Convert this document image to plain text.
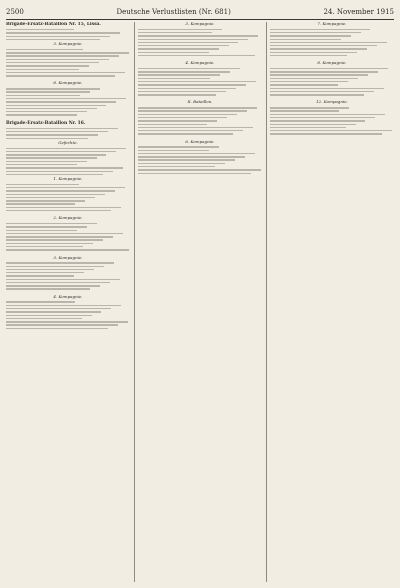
2500	Deutsche Verlustlisten (Nr. 681)	24. November 1915

Brigade-Ersatz-Bataillon Nr. 15, Lissa.

3. Kompagnie.

8. Kompagnie.

Brigade-Ersatz-Bataillon Nr. 16.

Gefechte.

1. Kompagnie.

2. Kompagnie.

3. Kompagnie.

4. Kompagnie.

3. Kompagnie.

4. Kompagnie.

II. Bataillon.

6. Kompagnie.

7. Kompagnie.

8. Kompagnie.

12. Kompagnie.
